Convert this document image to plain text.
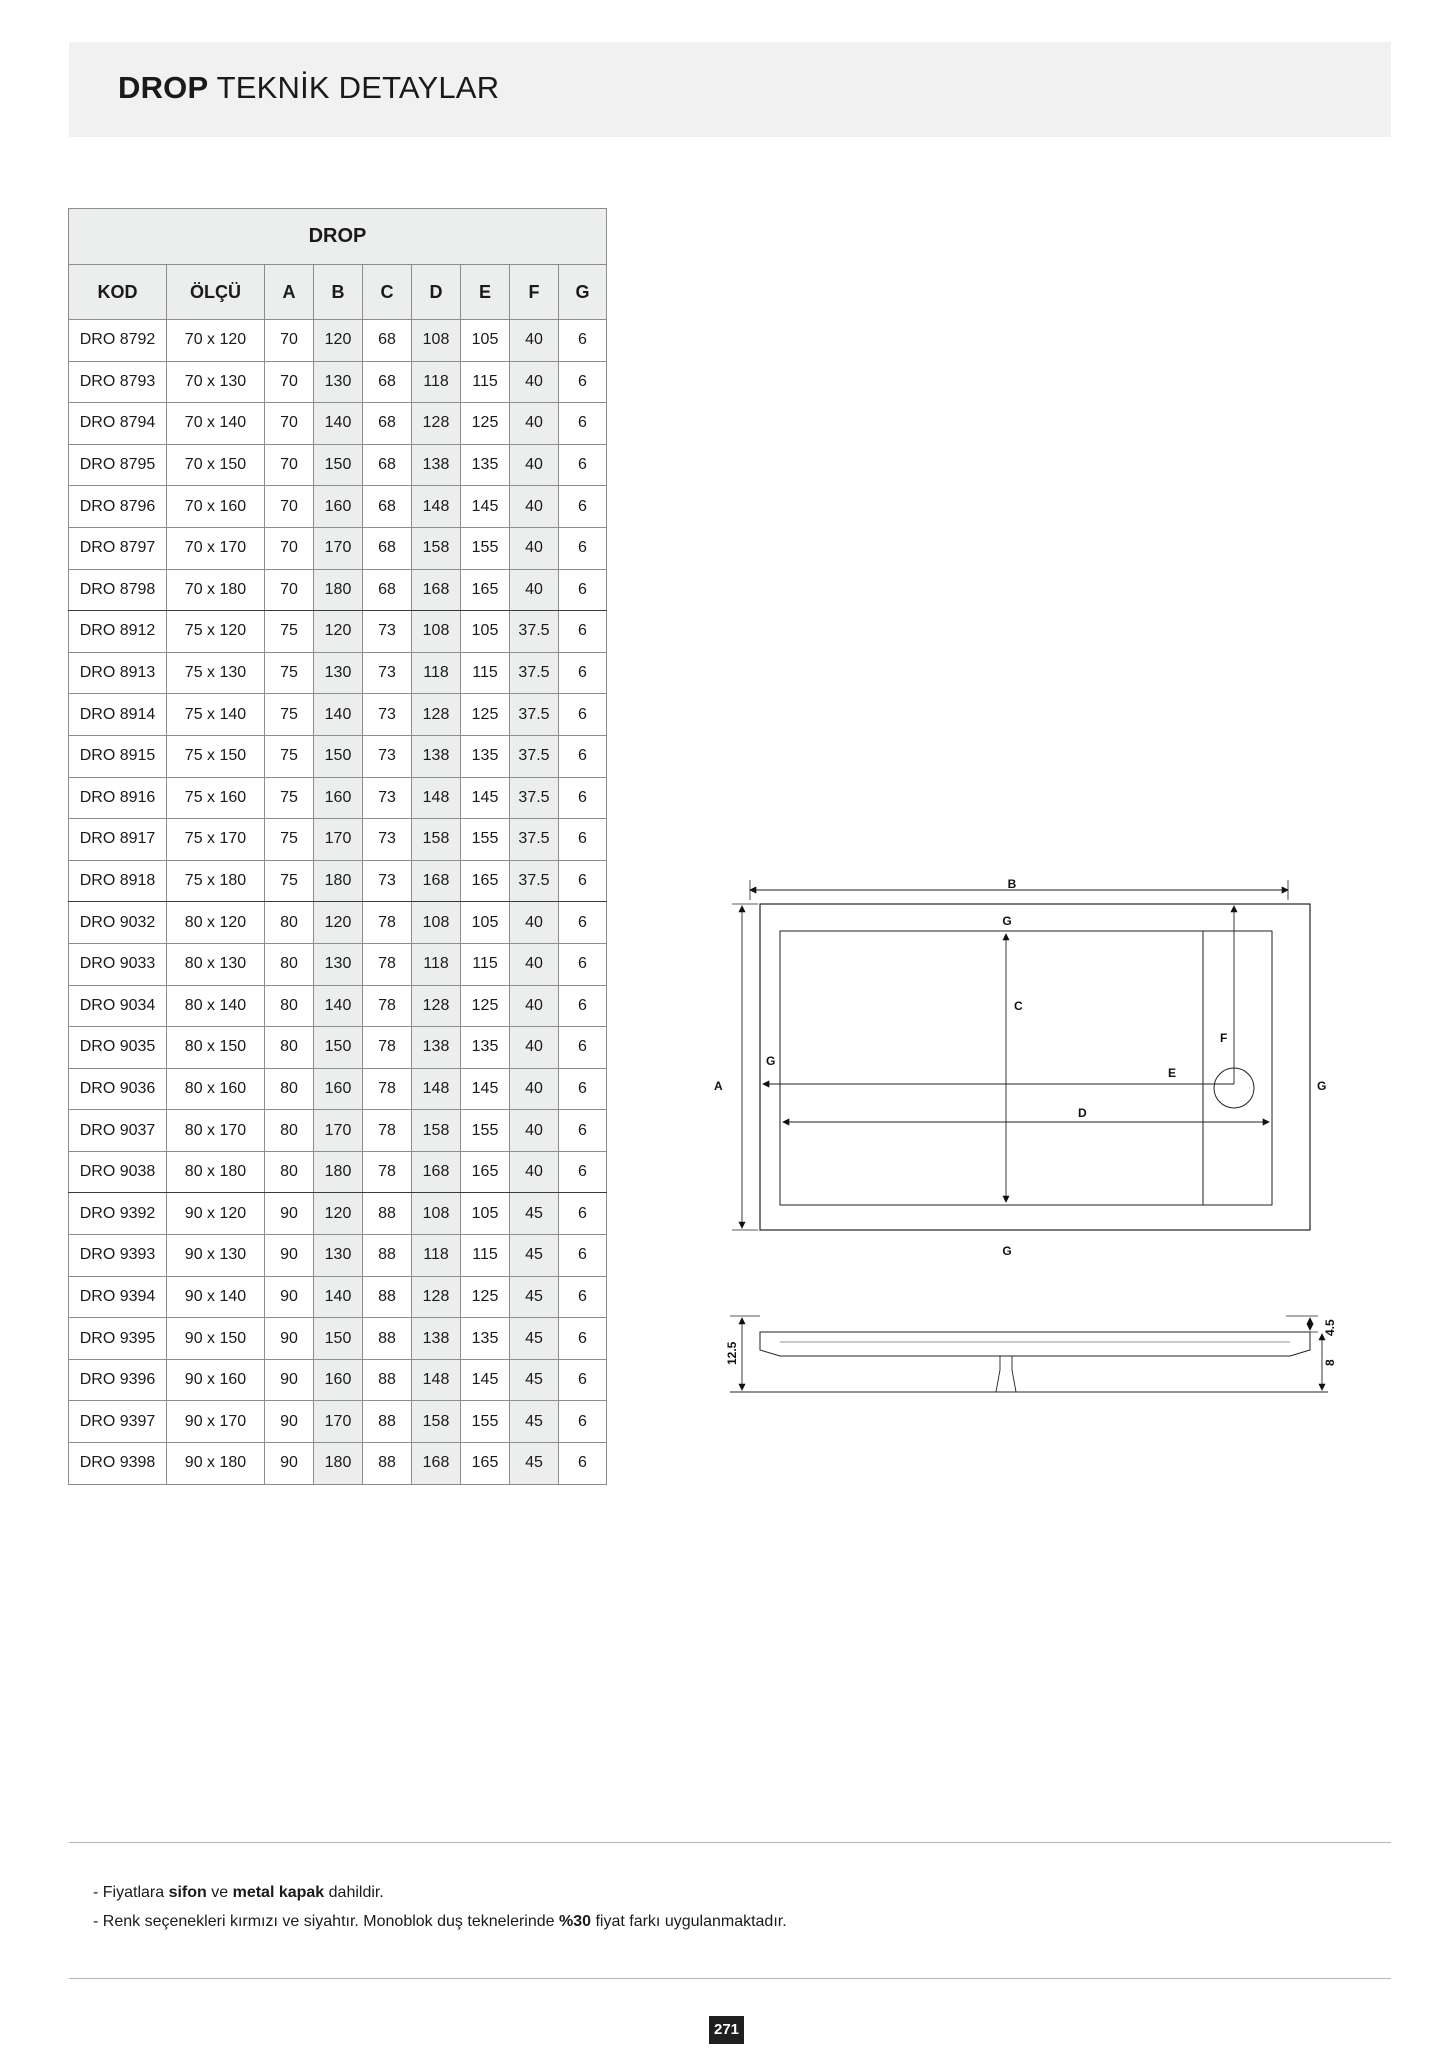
DROP TEKNİK DETAYLAR
DROP								
KOD	ÖLÇÜ	A	B	C	D	E	F	G
DRO 8792	70 x 120	70	120	68	108	105	40	6
DRO 8793	70 x 130	70	130	68	118	115	40	6
DRO 8794	70 x 140	70	140	68	128	125	40	6
DRO 8795	70 x 150	70	150	68	138	135	40	6
DRO 8796	70 x 160	70	160	68	148	145	40	6
DRO 8797	70 x 170	70	170	68	158	155	40	6
DRO 8798	70 x 180	70	180	68	168	165	40	6
DRO 8912	75 x 120	75	120	73	108	105	37.5	6
DRO 8913	75 x 130	75	130	73	118	115	37.5	6
DRO 8914	75 x 140	75	140	73	128	125	37.5	6
DRO 8915	75 x 150	75	150	73	138	135	37.5	6
DRO 8916	75 x 160	75	160	73	148	145	37.5	6
DRO 8917	75 x 170	75	170	73	158	155	37.5	6
DRO 8918	75 x 180	75	180	73	168	165	37.5	6
DRO 9032	80 x 120	80	120	78	108	105	40	6
DRO 9033	80 x 130	80	130	78	118	115	40	6
DRO 9034	80 x 140	80	140	78	128	125	40	6
DRO 9035	80 x 150	80	150	78	138	135	40	6
DRO 9036	80 x 160	80	160	78	148	145	40	6
DRO 9037	80 x 170	80	170	78	158	155	40	6
DRO 9038	80 x 180	80	180	78	168	165	40	6
DRO 9392	90 x 120	90	120	88	108	105	45	6
DRO 9393	90 x 130	90	130	88	118	115	45	6
DRO 9394	90 x 140	90	140	88	128	125	45	6
DRO 9395	90 x 150	90	150	88	138	135	45	6
DRO 9396	90 x 160	90	160	88	148	145	45	6
DRO 9397	90 x 170	90	170	88	158	155	45	6
DRO 9398	90 x 180	90	180	88	168	165	45	6
B
G
C
F
G
E
A	G
D
G
12.5
4.5
8
- Fiyatlara sifon ve metal kapak dahildir.
- Renk seçenekleri kırmızı ve siyahtır. Monoblok duş teknelerinde %30 fiyat farkı uygulanmaktadır.
271
